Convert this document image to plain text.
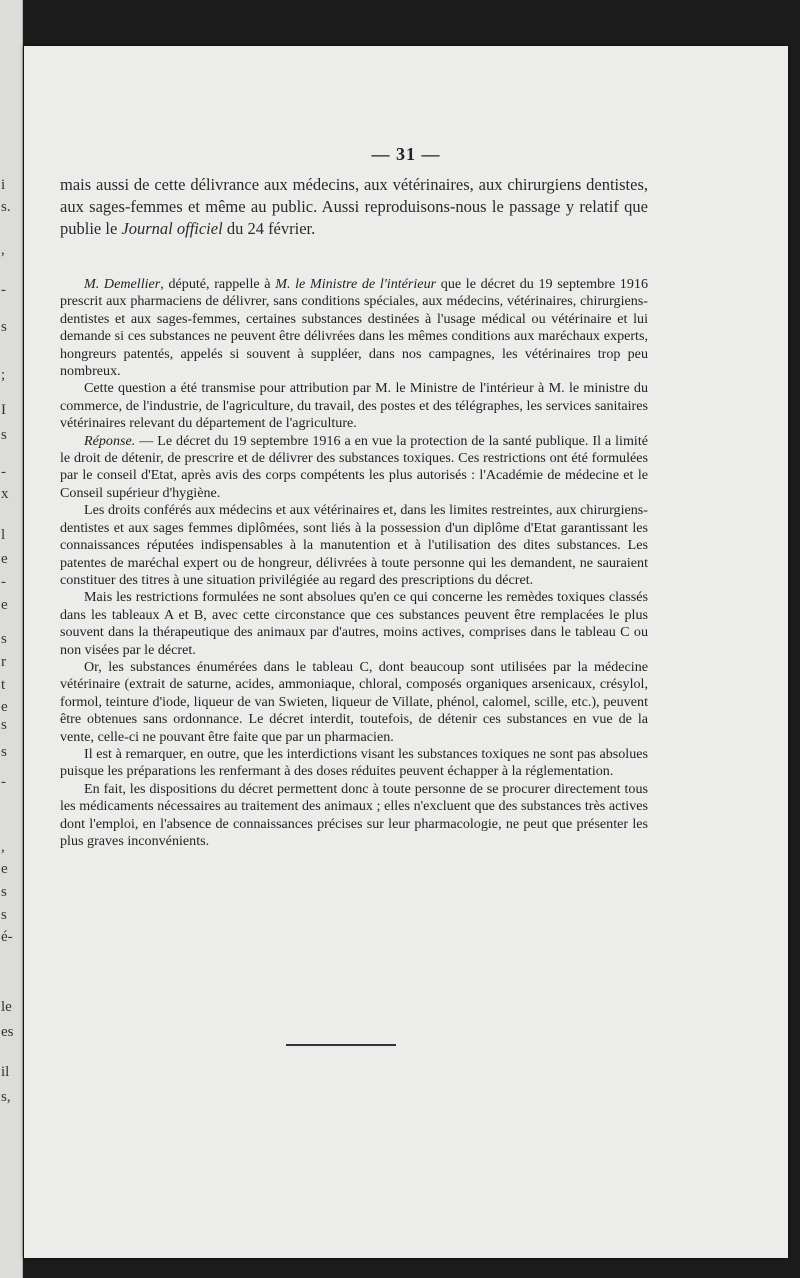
i
s.
,
-
s
;
I
s
-
x
l
e
-
e
s
r
t
e
s
s
-
,
e
s
s
é-
le
es
il
s,
— 31 —
mais aussi de cette délivrance aux médecins, aux vétérinaires, aux chirurgiens dentistes, aux sages-femmes et même au public. Aussi reproduisons-nous le passage y relatif que publie le Journal officiel du 24 février.

M. Demellier, député, rappelle à M. le Ministre de l'intérieur que le décret du 19 septembre 1916 prescrit aux pharmaciens de délivrer, sans conditions spéciales, aux médecins, vétérinaires, chirurgiens-dentistes et aux sages-femmes, certaines substances destinées à l'usage médical ou vétérinaire et lui demande si ces substances ne peuvent être délivrées dans les mêmes conditions aux maréchaux experts, hongreurs patentés, appelés si souvent à suppléer, dans nos campagnes, les vétérinaires trop peu nombreux.

Cette question a été transmise pour attribution par M. le Ministre de l'intérieur à M. le ministre du commerce, de l'industrie, de l'agriculture, du travail, des postes et des télégraphes, les services sanitaires vétérinaires relevant du département de l'agriculture.

Réponse. — Le décret du 19 septembre 1916 a en vue la protection de la santé publique. Il a limité le droit de détenir, de prescrire et de délivrer des substances toxiques. Ces restrictions ont été formulées par le conseil d'Etat, après avis des corps compétents les plus autorisés : l'Académie de médecine et le Conseil supérieur d'hygiène.

Les droits conférés aux médecins et aux vétérinaires et, dans les limites restreintes, aux chirurgiens-dentistes et aux sages femmes diplômées, sont liés à la possession d'un diplôme d'Etat garantissant les connaissances réputées indispensables à la manutention et à l'utilisation des dites substances. Les patentes de maréchal expert ou de hongreur, délivrées à toute personne qui les demandent, ne sauraient constituer des titres à une situation privilégiée au regard des prescriptions du décret.

Mais les restrictions formulées ne sont absolues qu'en ce qui concerne les remèdes toxiques classés dans les tableaux A et B, avec cette circonstance que ces substances peuvent être remplacées le plus souvent dans la thérapeutique des animaux par d'autres, moins actives, comprises dans le tableau C ou non visées par le décret.

Or, les substances énumérées dans le tableau C, dont beaucoup sont utilisées par la médecine vétérinaire (extrait de saturne, acides, ammoniaque, chloral, composés organiques arsenicaux, crésylol, formol, teinture d'iode, liqueur de van Swieten, liqueur de Villate, phénol, calomel, scille, etc.), peuvent être obtenues sans ordonnance. Le décret interdit, toutefois, de détenir ces substances en vue de la vente, celle-ci ne pouvant être faite que par un pharmacien.

Il est à remarquer, en outre, que les interdictions visant les substances toxiques ne sont pas absolues puisque les préparations les renfermant à des doses réduites peuvent échapper à la réglementation.

En fait, les dispositions du décret permettent donc à toute personne de se procurer directement tous les médicaments nécessaires au traitement des animaux ; elles n'excluent que des substances très actives dont l'emploi, en l'absence de connaissances précises sur leur pharmacologie, ne peut que présenter les plus graves inconvénients.
